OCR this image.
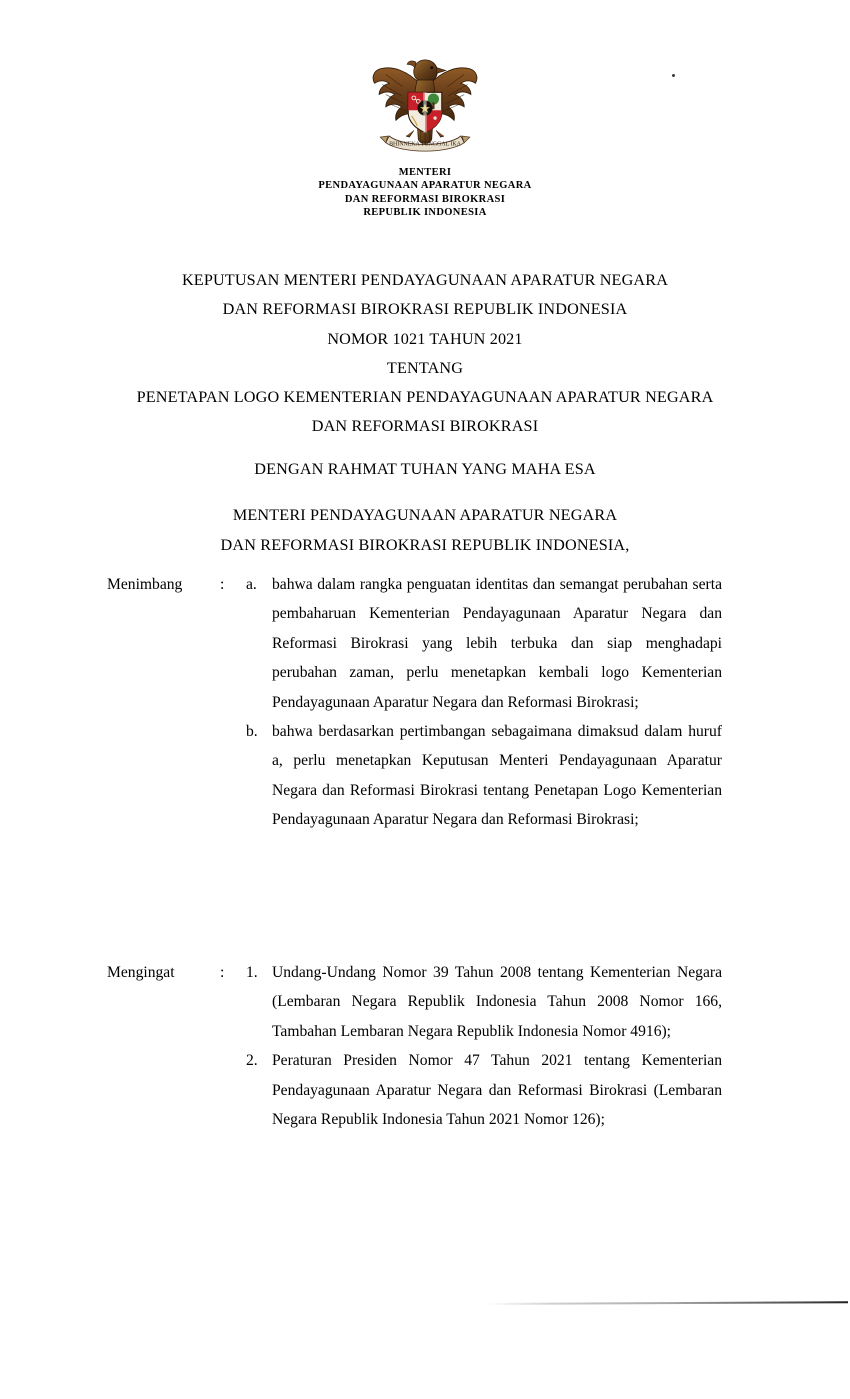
BHINNEKA TUNGGAL IKA
MENTERI
PENDAYAGUNAAN APARATUR NEGARA
DAN REFORMASI BIROKRASI
REPUBLIK INDONESIA
KEPUTUSAN MENTERI PENDAYAGUNAAN APARATUR NEGARA
DAN REFORMASI BIROKRASI REPUBLIK INDONESIA
NOMOR 1021 TAHUN 2021
TENTANG
PENETAPAN LOGO KEMENTERIAN PENDAYAGUNAAN APARATUR NEGARA
DAN REFORMASI BIROKRASI
DENGAN RAHMAT TUHAN YANG MAHA ESA
MENTERI PENDAYAGUNAAN APARATUR NEGARA
DAN REFORMASI BIROKRASI REPUBLIK INDONESIA,
Menimbang	:	a. bahwa dalam rangka penguatan identitas dan semangat perubahan serta pembaharuan Kementerian Pendayagunaan Aparatur Negara dan Reformasi Birokrasi yang lebih terbuka dan siap menghadapi perubahan zaman, perlu menetapkan kembali logo Kementerian Pendayagunaan Aparatur Negara dan Reformasi Birokrasi;
b. bahwa berdasarkan pertimbangan sebagaimana dimaksud dalam huruf a, perlu menetapkan Keputusan Menteri Pendayagunaan Aparatur Negara dan Reformasi Birokrasi tentang Penetapan Logo Kementerian Pendayagunaan Aparatur Negara dan Reformasi Birokrasi;
Mengingat	:	1. Undang-Undang Nomor 39 Tahun 2008 tentang Kementerian Negara (Lembaran Negara Republik Indonesia Tahun 2008 Nomor 166, Tambahan Lembaran Negara Republik Indonesia Nomor 4916);
2. Peraturan Presiden Nomor 47 Tahun 2021 tentang Kementerian Pendayagunaan Aparatur Negara dan Reformasi Birokrasi (Lembaran Negara Republik Indonesia Tahun 2021 Nomor 126);
